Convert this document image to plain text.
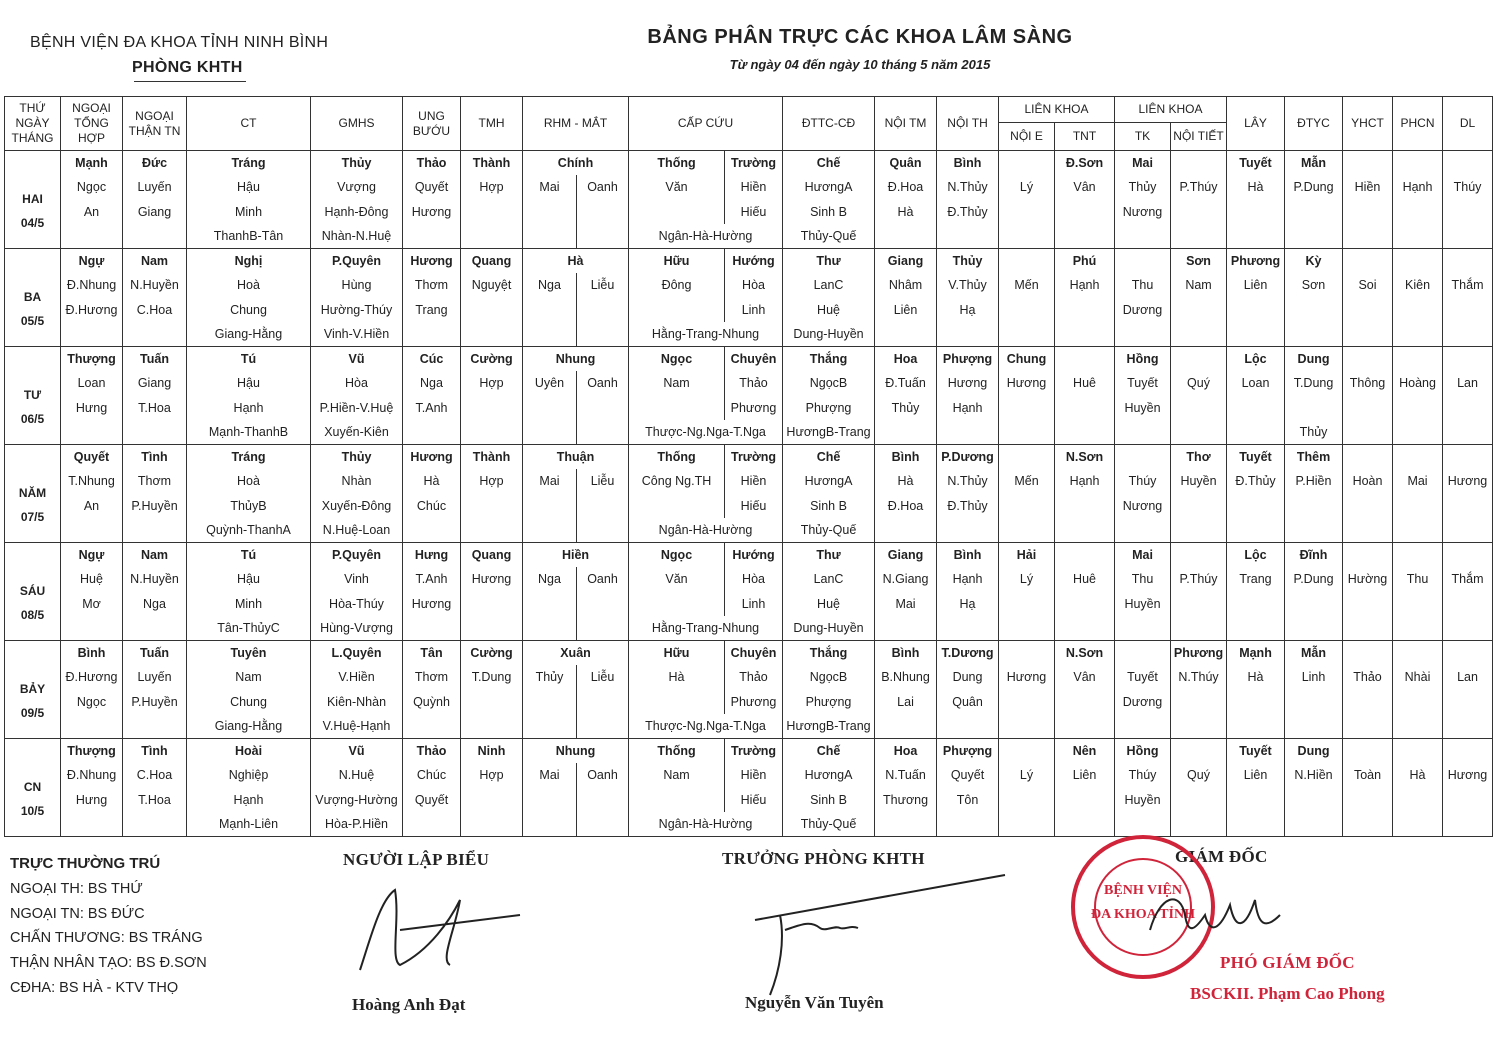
BỆNH VIỆN ĐA KHOA TỈNH NINH BÌNH
PHÒNG KHTH
BẢNG PHÂN TRỰC CÁC KHOA LÂM SÀNG
Từ ngày 04 đến ngày 10 tháng 5 năm 2015
THỨ NGÀY THÁNG	NGOẠI TỔNG HỢP	NGOẠI THẬN TN	CT	GMHS	UNG BƯỚU	TMH	RHM - MẮT		CẤP CỨU		ĐTTC-CĐ	NỘI TM	NỘI TH	LIÊN KHOA		LIÊN KHOA		LÂY	ĐTYC	YHCT	PHCN	DL
														NỘI E	TNT	TK	NỘI TIẾT					

HAI
04/5	Mạnh	Đức	Tráng	Thủy	Thảo	Thành	Chính		Thống	Trường	Chế	Quân	Bình		Đ.Sơn	Mai		Tuyết	Mẫn			
	Ngọc	Luyến	Hậu	Vượng	Quyết	Hợp	Mai	Oanh	Văn	Hiền	HươngA	Đ.Hoa	N.Thủy	Lý	Vân	Thủy	P.Thúy	Hà	P.Dung	Hiền	Hạnh	Thúy
	An	Giang	Minh	Hạnh-Đông	Hương					Hiếu	Sinh B	Hà	Đ.Thủy			Nương						
			ThanhB-Tân	Nhàn-N.Huệ					Ngân-Hà-Hường		Thủy-Quế											

BA
05/5	Ngự	Nam	Nghị	P.Quyên	Hương	Quang	Hà		Hữu	Hướng	Thư	Giang	Thủy		Phú		Sơn	Phương	Kỳ			
	Đ.Nhung	N.Huyền	Hoà	Hùng	Thơm	Nguyệt	Nga	Liễu	Đông	Hòa	LanC	Nhâm	V.Thủy	Mến	Hạnh	Thu	Nam	Liên	Sơn	Soi	Kiên	Thắm
	Đ.Hương	C.Hoa	Chung	Hường-Thúy	Trang					Linh	Huệ	Liên	Hạ			Dương						
			Giang-Hằng	Vinh-V.Hiền					Hằng-Trang-Nhung		Dung-Huyền											

TƯ
06/5	Thượng	Tuấn	Tú	Vũ	Cúc	Cường	Nhung		Ngọc	Chuyên	Thắng	Hoa	Phượng	Chung		Hồng		Lộc	Dung			
	Loan	Giang	Hậu	Hòa	Nga	Hợp	Uyên	Oanh	Nam	Thảo	NgọcB	Đ.Tuấn	Hương	Hương	Huê	Tuyết	Quý	Loan	T.Dung	Thông	Hoàng	Lan
	Hưng	T.Hoa	Hạnh	P.Hiền-V.Huệ	T.Anh					Phương	Phượng	Thủy	Hạnh			Huyền						
			Mạnh-ThanhB	Xuyến-Kiên					Thược-Ng.Nga-T.Nga		HươngB-Trang								Thủy			

NĂM
07/5	Quyết	Tình	Tráng	Thủy	Hương	Thành	Thuận		Thống	Trường	Chế	Bình	P.Dương		N.Sơn		Thơ	Tuyết	Thêm			
	T.Nhung	Thơm	Hoà	Nhàn	Hà	Hợp	Mai	Liễu	Công Ng.TH	Hiền	HươngA	Hà	N.Thủy	Mến	Hạnh	Thúy	Huyền	Đ.Thủy	P.Hiền	Hoàn	Mai	Hương
	An	P.Huyền	ThủyB	Xuyến-Đông	Chúc					Hiếu	Sinh B	Đ.Hoa	Đ.Thủy			Nương						
			Quỳnh-ThanhA	N.Huệ-Loan					Ngân-Hà-Hường		Thủy-Quế											

SÁU
08/5	Ngự	Nam	Tú	P.Quyên	Hưng	Quang	Hiền		Ngọc	Hướng	Thư	Giang	Bình	Hải		Mai		Lộc	Đĩnh			
	Huệ	N.Huyền	Hậu	Vinh	T.Anh	Hương	Nga	Oanh	Văn	Hòa	LanC	N.Giang	Hạnh	Lý	Huê	Thu	P.Thúy	Trang	P.Dung	Hường	Thu	Thắm
	Mơ	Nga	Minh	Hòa-Thúy	Hương					Linh	Huệ	Mai	Hạ			Huyền						
			Tân-ThủyC	Hùng-Vượng					Hằng-Trang-Nhung		Dung-Huyền											

BẢY
09/5	Bình	Tuấn	Tuyên	L.Quyên	Tân	Cường	Xuân		Hữu	Chuyên	Thắng	Bình	T.Dương		N.Sơn		Phương	Mạnh	Mẫn			
	Đ.Hương	Luyến	Nam	V.Hiền	Thơm	T.Dung	Thủy	Liễu	Hà	Thảo	NgọcB	B.Nhung	Dung	Hương	Vân	Tuyết	N.Thúy	Hà	Linh	Thảo	Nhài	Lan
	Ngọc	P.Huyền	Chung	Kiên-Nhàn	Quỳnh					Phương	Phượng	Lai	Quân			Dương						
			Giang-Hằng	V.Huệ-Hạnh					Thược-Ng.Nga-T.Nga		HươngB-Trang											

CN
10/5	Thượng	Tình	Hoài	Vũ	Thảo	Ninh	Nhung		Thống	Trường	Chế	Hoa	Phượng		Nên	Hồng		Tuyết	Dung			
	Đ.Nhung	C.Hoa	Nghiệp	N.Huệ	Chúc	Hợp	Mai	Oanh	Nam	Hiền	HươngA	N.Tuấn	Quyết	Lý	Liên	Thúy	Quý	Liên	N.Hiền	Toàn	Hà	Hương
	Hưng	T.Hoa	Hạnh	Vượng-Hường	Quyết					Hiếu	Sinh B	Thương	Tôn			Huyền						
			Mạnh-Liên	Hòa-P.Hiền					Ngân-Hà-Hường		Thủy-Quế											
TRỰC THƯỜNG TRÚ
NGOẠI TH: BS THỨ
NGOẠI TN: BS ĐỨC
CHẤN THƯƠNG: BS TRÁNG
THẬN NHÂN TẠO: BS Đ.SƠN
CĐHA: BS HÀ - KTV THỌ
NGƯỜI LẬP BIỂU
Hoàng Anh Đạt
TRƯỞNG PHÒNG KHTH
Nguyễn Văn Tuyên
GIÁM ĐỐC
BỆNH VIỆN
ĐA KHOA TỈNH
PHÓ GIÁM ĐỐC
BSCKII. Phạm Cao Phong
